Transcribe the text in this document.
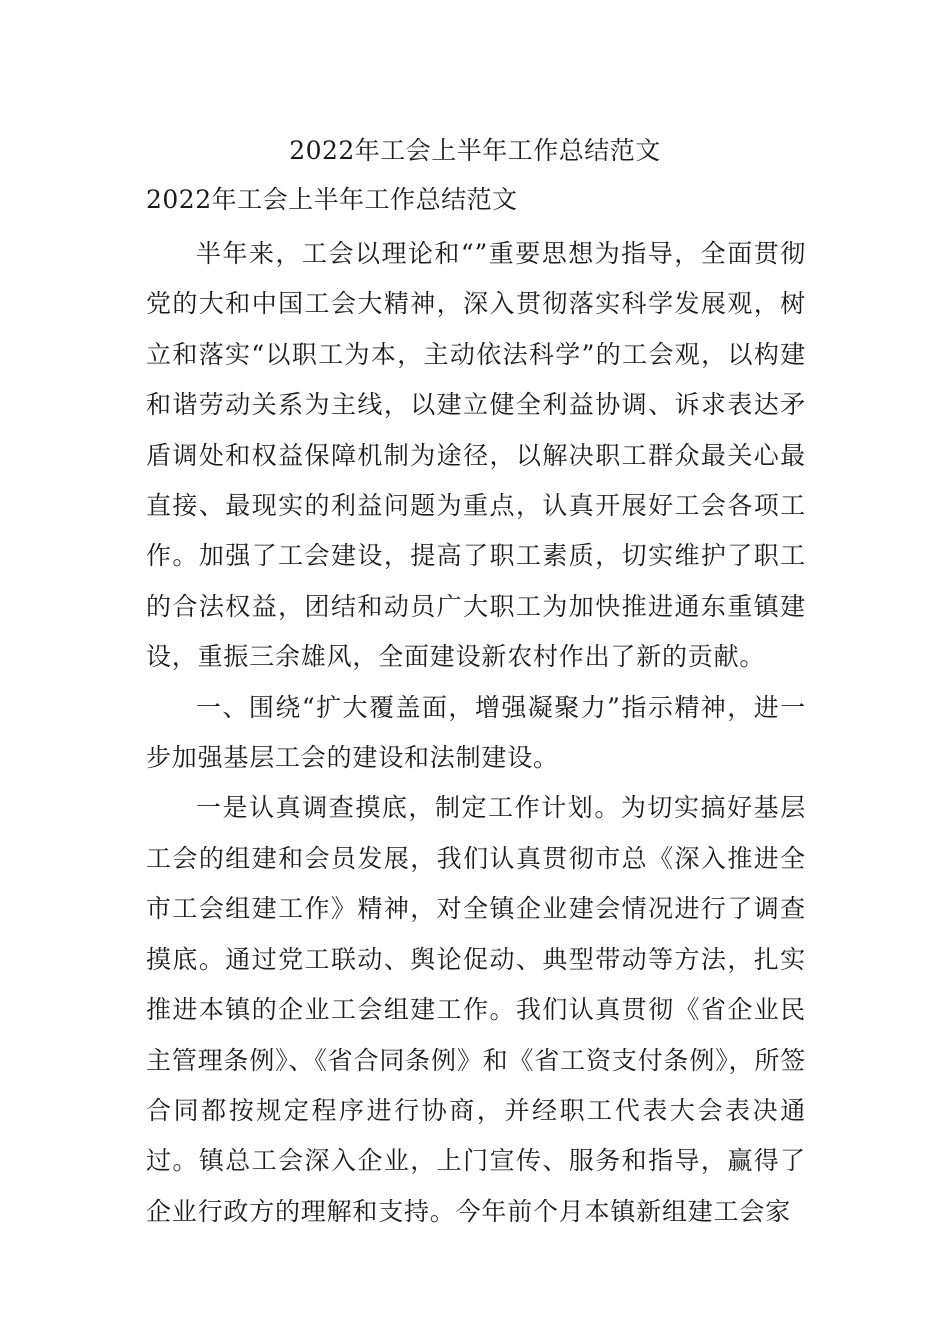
2022年工会上半年工作总结范文
2022年工会上半年工作总结范文

半年来，工会以理论和“”重要思想为指导，全面贯彻党的大和中国工会大精神，深入贯彻落实科学发展观，树立和落实“以职工为本，主动依法科学”的工会观，以构建和谐劳动关系为主线，以建立健全利益协调、诉求表达矛盾调处和权益保障机制为途径，以解决职工群众最关心最直接、最现实的利益问题为重点，认真开展好工会各项工作。加强了工会建设，提高了职工素质，切实维护了职工的合法权益，团结和动员广大职工为加快推进通东重镇建设，重振三余雄风，全面建设新农村作出了新的贡献。

一、围绕“扩大覆盖面，增强凝聚力”指示精神，进一步加强基层工会的建设和法制建设。

一是认真调查摸底，制定工作计划。为切实搞好基层工会的组建和会员发展，我们认真贯彻市总《深入推进全市工会组建工作》精神，对全镇企业建会情况进行了调查摸底。通过党工联动、舆论促动、典型带动等方法，扎实推进本镇的企业工会组建工作。我们认真贯彻《省企业民主管理条例》、《省合同条例》和《省工资支付条例》，所签合同都按规定程序进行协商，并经职工代表大会表决通过。镇总工会深入企业，上门宣传、服务和指导，赢得了企业行政方的理解和支持。今年前个月本镇新组建工会家
